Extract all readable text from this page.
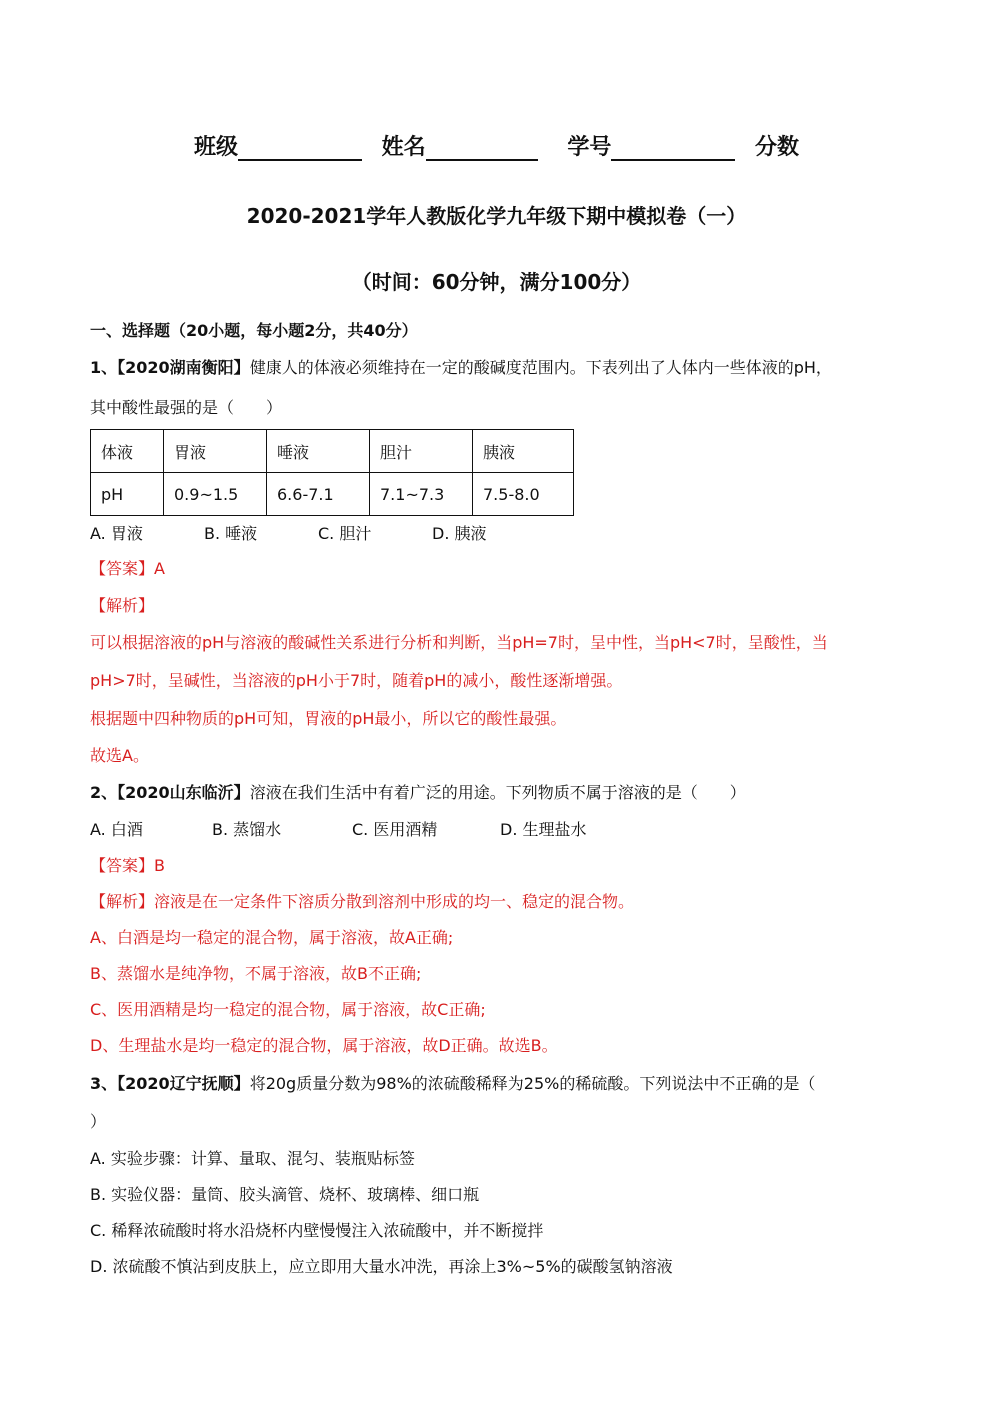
班级	姓名	学号	分数
2020-2021学年人教版化学九年级下期中模拟卷（一）
（时间：60分钟，满分100分）
一、选择题（20小题，每小题2分，共40分）
1、【2020湖南衡阳】健康人的体液必须维持在一定的酸碱度范围内。下表列出了人体内一些体液的pH，
其中酸性最强的是（　　）
体液	胃液	唾液	胆汁	胰液
pH	0.9~1.5	6.6-7.1	7.1~7.3	7.5-8.0
A. 胃液	B. 唾液	C. 胆汁	D. 胰液
【答案】A
【解析】
可以根据溶液的pH与溶液的酸碱性关系进行分析和判断，当pH=7时，呈中性，当pH<7时，呈酸性，当
pH>7时，呈碱性，当溶液的pH小于7时，随着pH的减小，酸性逐渐增强。
根据题中四种物质的pH可知，胃液的pH最小，所以它的酸性最强。
故选A。
2、【2020山东临沂】溶液在我们生活中有着广泛的用途。下列物质不属于溶液的是（　　）
A. 白酒	B. 蒸馏水	C. 医用酒精	D. 生理盐水
【答案】B
【解析】溶液是在一定条件下溶质分散到溶剂中形成的均一、稳定的混合物。
A、白酒是均一稳定的混合物，属于溶液，故A正确;
B、蒸馏水是纯净物，不属于溶液，故B不正确;
C、医用酒精是均一稳定的混合物，属于溶液，故C正确;
D、生理盐水是均一稳定的混合物，属于溶液，故D正确。故选B。
3、【2020辽宁抚顺】将20g质量分数为98%的浓硫酸稀释为25%的稀硫酸。下列说法中不正确的是（
）
A. 实验步骤：计算、量取、混匀、装瓶贴标签
B. 实验仪器：量筒、胶头滴管、烧杯、玻璃棒、细口瓶
C. 稀释浓硫酸时将水沿烧杯内壁慢慢注入浓硫酸中，并不断搅拌
D. 浓硫酸不慎沾到皮肤上，应立即用大量水冲洗，再涂上3%~5%的碳酸氢钠溶液
